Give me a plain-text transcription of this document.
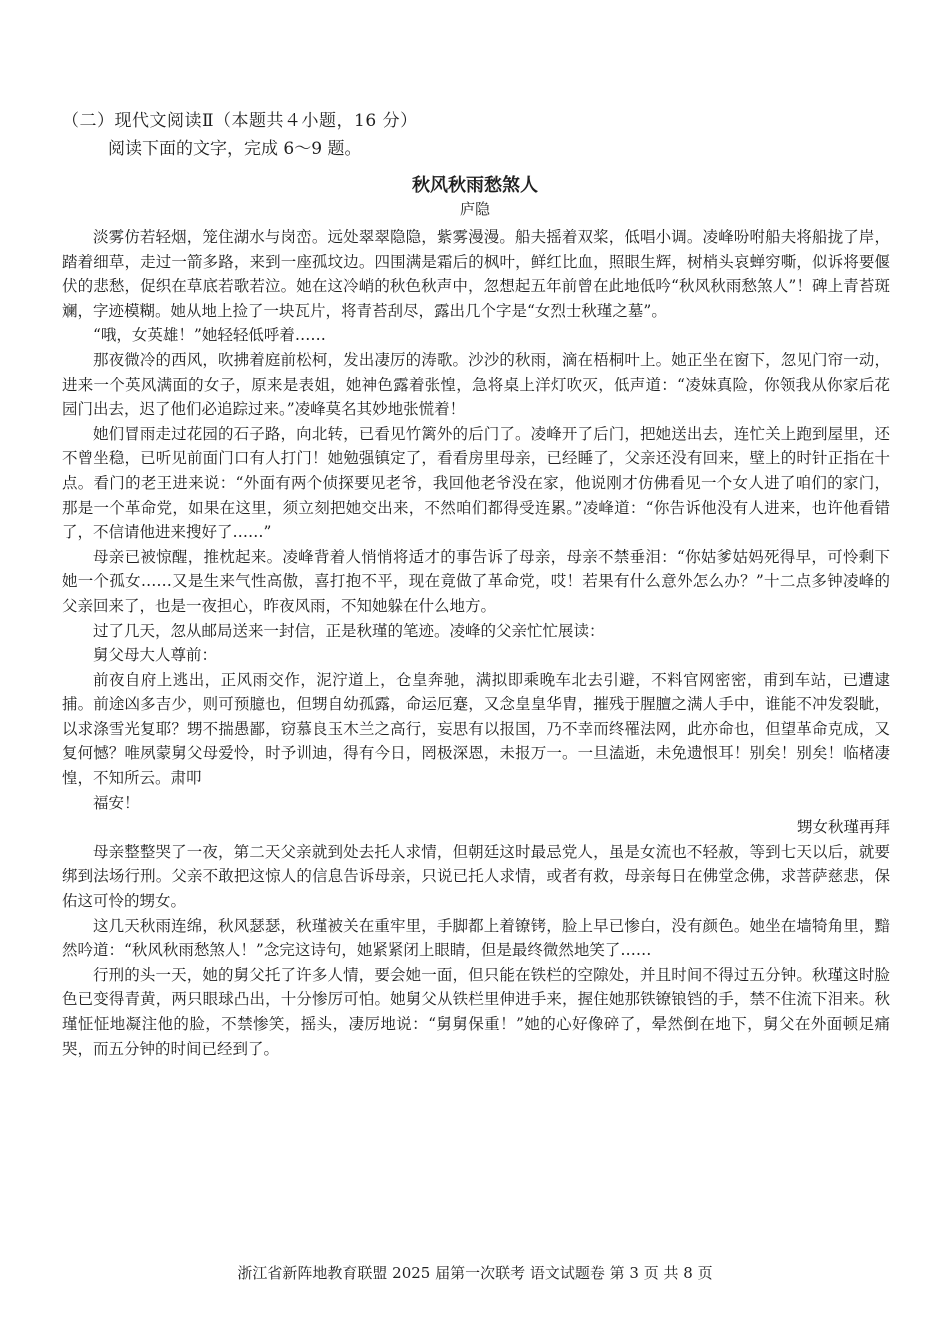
（二）现代文阅读Ⅱ（本题共４小题，16 分）
阅读下面的文字，完成 6～9 题。
秋风秋雨愁煞人
庐隐

淡雾仿若轻烟，笼住湖水与岗峦。远处翠翠隐隐，紫雾漫漫。船夫摇着双桨，低唱小调。凌峰吩咐船夫将船拢了岸，踏着细草，走过一箭多路，来到一座孤坟边。四围满是霜后的枫叶，鲜红比血，照眼生辉，树梢头哀蝉穷嘶，似诉将要偃伏的悲愁，促织在草底若歌若泣。她在这冷峭的秋色秋声中，忽想起五年前曾在此地低吟“秋风秋雨愁煞人”！碑上青苔斑斓，字迹模糊。她从地上捡了一块瓦片，将青苔刮尽，露出几个字是“女烈士秋瑾之墓”。

“哦，女英雄！”她轻轻低呼着……

那夜微冷的西风，吹拂着庭前松柯，发出凄厉的涛歌。沙沙的秋雨，滴在梧桐叶上。她正坐在窗下，忽见门帘一动，进来一个英风满面的女子，原来是表姐，她神色露着张惶，急将桌上洋灯吹灭，低声道：“凌妹真险，你领我从你家后花园门出去，迟了他们必追踪过来。”凌峰莫名其妙地张慌着！

她们冒雨走过花园的石子路，向北转，已看见竹篱外的后门了。凌峰开了后门，把她送出去，连忙关上跑到屋里，还不曾坐稳，已听见前面门口有人打门！她勉强镇定了，看看房里母亲，已经睡了，父亲还没有回来，壁上的时针正指在十点。看门的老王进来说：“外面有两个侦探要见老爷，我回他老爷没在家，他说刚才仿佛看见一个女人进了咱们的家门，那是一个革命党，如果在这里，须立刻把她交出来，不然咱们都得受连累。”凌峰道：“你告诉他没有人进来，也许他看错了，不信请他进来搜好了……”

母亲已被惊醒，推枕起来。凌峰背着人悄悄将适才的事告诉了母亲，母亲不禁垂泪：“你姑爹姑妈死得早，可怜剩下她一个孤女……又是生来气性高傲，喜打抱不平，现在竟做了革命党，哎！若果有什么意外怎么办？”十二点多钟凌峰的父亲回来了，也是一夜担心，昨夜风雨，不知她躲在什么地方。

过了几天，忽从邮局送来一封信，正是秋瑾的笔迹。凌峰的父亲忙忙展读：

舅父母大人尊前：

前夜自府上逃出，正风雨交作，泥泞道上，仓皇奔驰，满拟即乘晚车北去引避，不料官网密密，甫到车站，已遭逮捕。前途凶多吉少，则可预臆也，但甥自幼孤露，命运厄蹇，又念皇皇华胄，摧残于腥膻之满人手中，谁能不冲发裂眦，以求涤雪光复耶？甥不揣愚鄙，窃慕良玉木兰之高行，妄思有以报国，乃不幸而终罹法网，此亦命也，但望革命克成，又复何憾？唯夙蒙舅父母爱怜，时予训迪，得有今日，罔极深恩，未报万一。一旦溘逝，未免遗恨耳！别矣！别矣！临楮凄惶，不知所云。肃叩

福安！

甥女秋瑾再拜

母亲整整哭了一夜，第二天父亲就到处去托人求情，但朝廷这时最忌党人，虽是女流也不轻赦，等到七天以后，就要绑到法场行刑。父亲不敢把这惊人的信息告诉母亲，只说已托人求情，或者有救，母亲每日在佛堂念佛，求菩萨慈悲，保佑这可怜的甥女。

这几天秋雨连绵，秋风瑟瑟，秋瑾被关在重牢里，手脚都上着镣铐，脸上早已惨白，没有颜色。她坐在墙犄角里，黯然吟道：“秋风秋雨愁煞人！”念完这诗句，她紧紧闭上眼睛，但是最终微然地笑了……

行刑的头一天，她的舅父托了许多人情，要会她一面，但只能在铁栏的空隙处，并且时间不得过五分钟。秋瑾这时脸色已变得青黄，两只眼球凸出，十分惨厉可怕。她舅父从铁栏里伸进手来，握住她那铁镣锒铛的手，禁不住流下泪来。秋瑾怔怔地凝注他的脸，不禁惨笑，摇头，凄厉地说：“舅舅保重！”她的心好像碎了，晕然倒在地下，舅父在外面顿足痛哭，而五分钟的时间已经到了。

浙江省新阵地教育联盟 2025 届第一次联考 语文试题卷 第 3 页 共 8 页
